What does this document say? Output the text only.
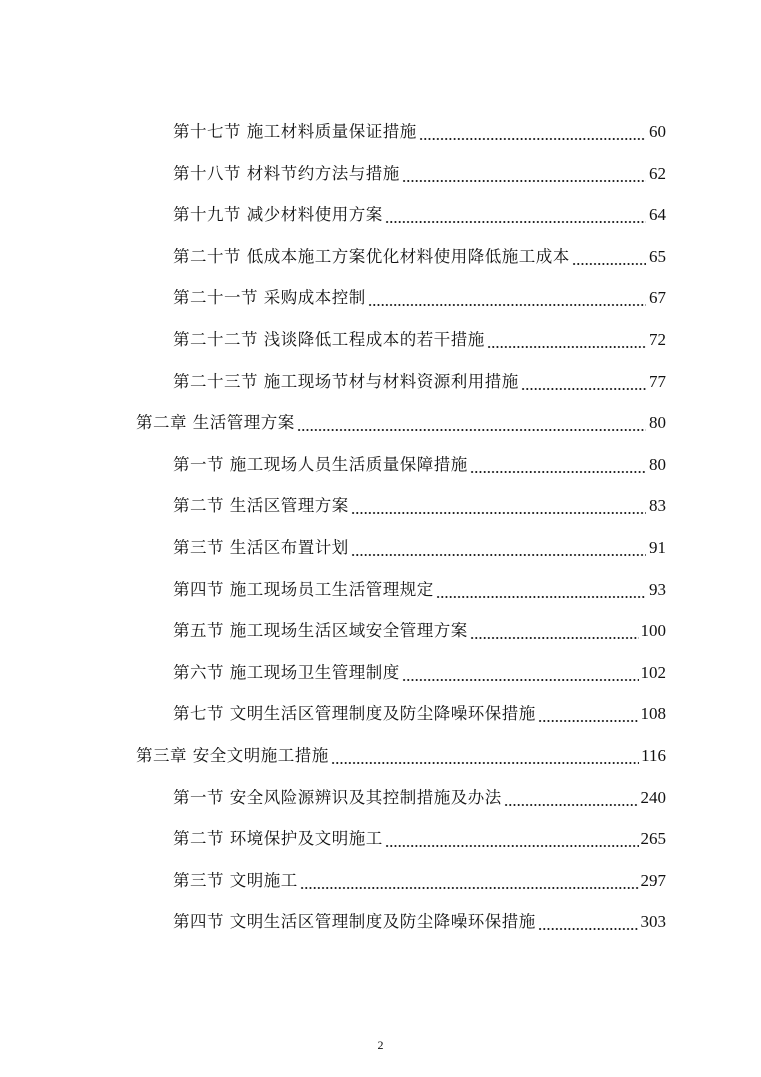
第十七节 施工材料质量保证措施	60
第十八节 材料节约方法与措施	62
第十九节 减少材料使用方案	64
第二十节 低成本施工方案优化材料使用降低施工成本	65
第二十一节 采购成本控制	67
第二十二节 浅谈降低工程成本的若干措施	72
第二十三节 施工现场节材与材料资源利用措施	77
第二章 生活管理方案	80
第一节 施工现场人员生活质量保障措施	80
第二节 生活区管理方案	83
第三节 生活区布置计划	91
第四节 施工现场员工生活管理规定	93
第五节 施工现场生活区域安全管理方案	100
第六节 施工现场卫生管理制度	102
第七节 文明生活区管理制度及防尘降噪环保措施	108
第三章 安全文明施工措施	116
第一节 安全风险源辨识及其控制措施及办法	240
第二节 环境保护及文明施工	265
第三节 文明施工	297
第四节 文明生活区管理制度及防尘降噪环保措施	303
2
